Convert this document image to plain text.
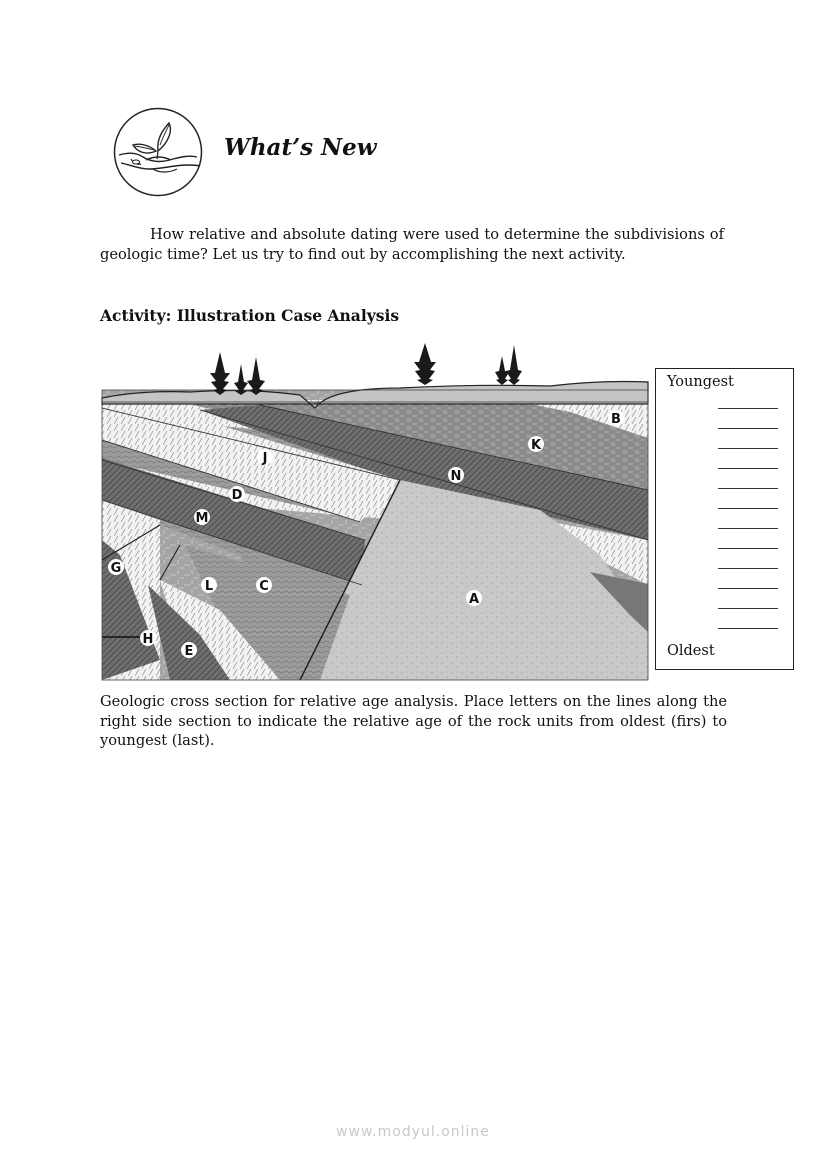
What’s New

How relative and absolute dating were used to determine the subdivisions of geologic time? Let us try to find out by accomplishing the next activity.

Activity: Illustration Case Analysis
B
K
J
N
D
M
G
L	C
A
H
E
Youngest
Oldest

Geologic cross section for relative age analysis. Place letters on the lines along the right side section to indicate the relative age of the rock units from oldest (firs) to youngest (last).

www.modyul.online
